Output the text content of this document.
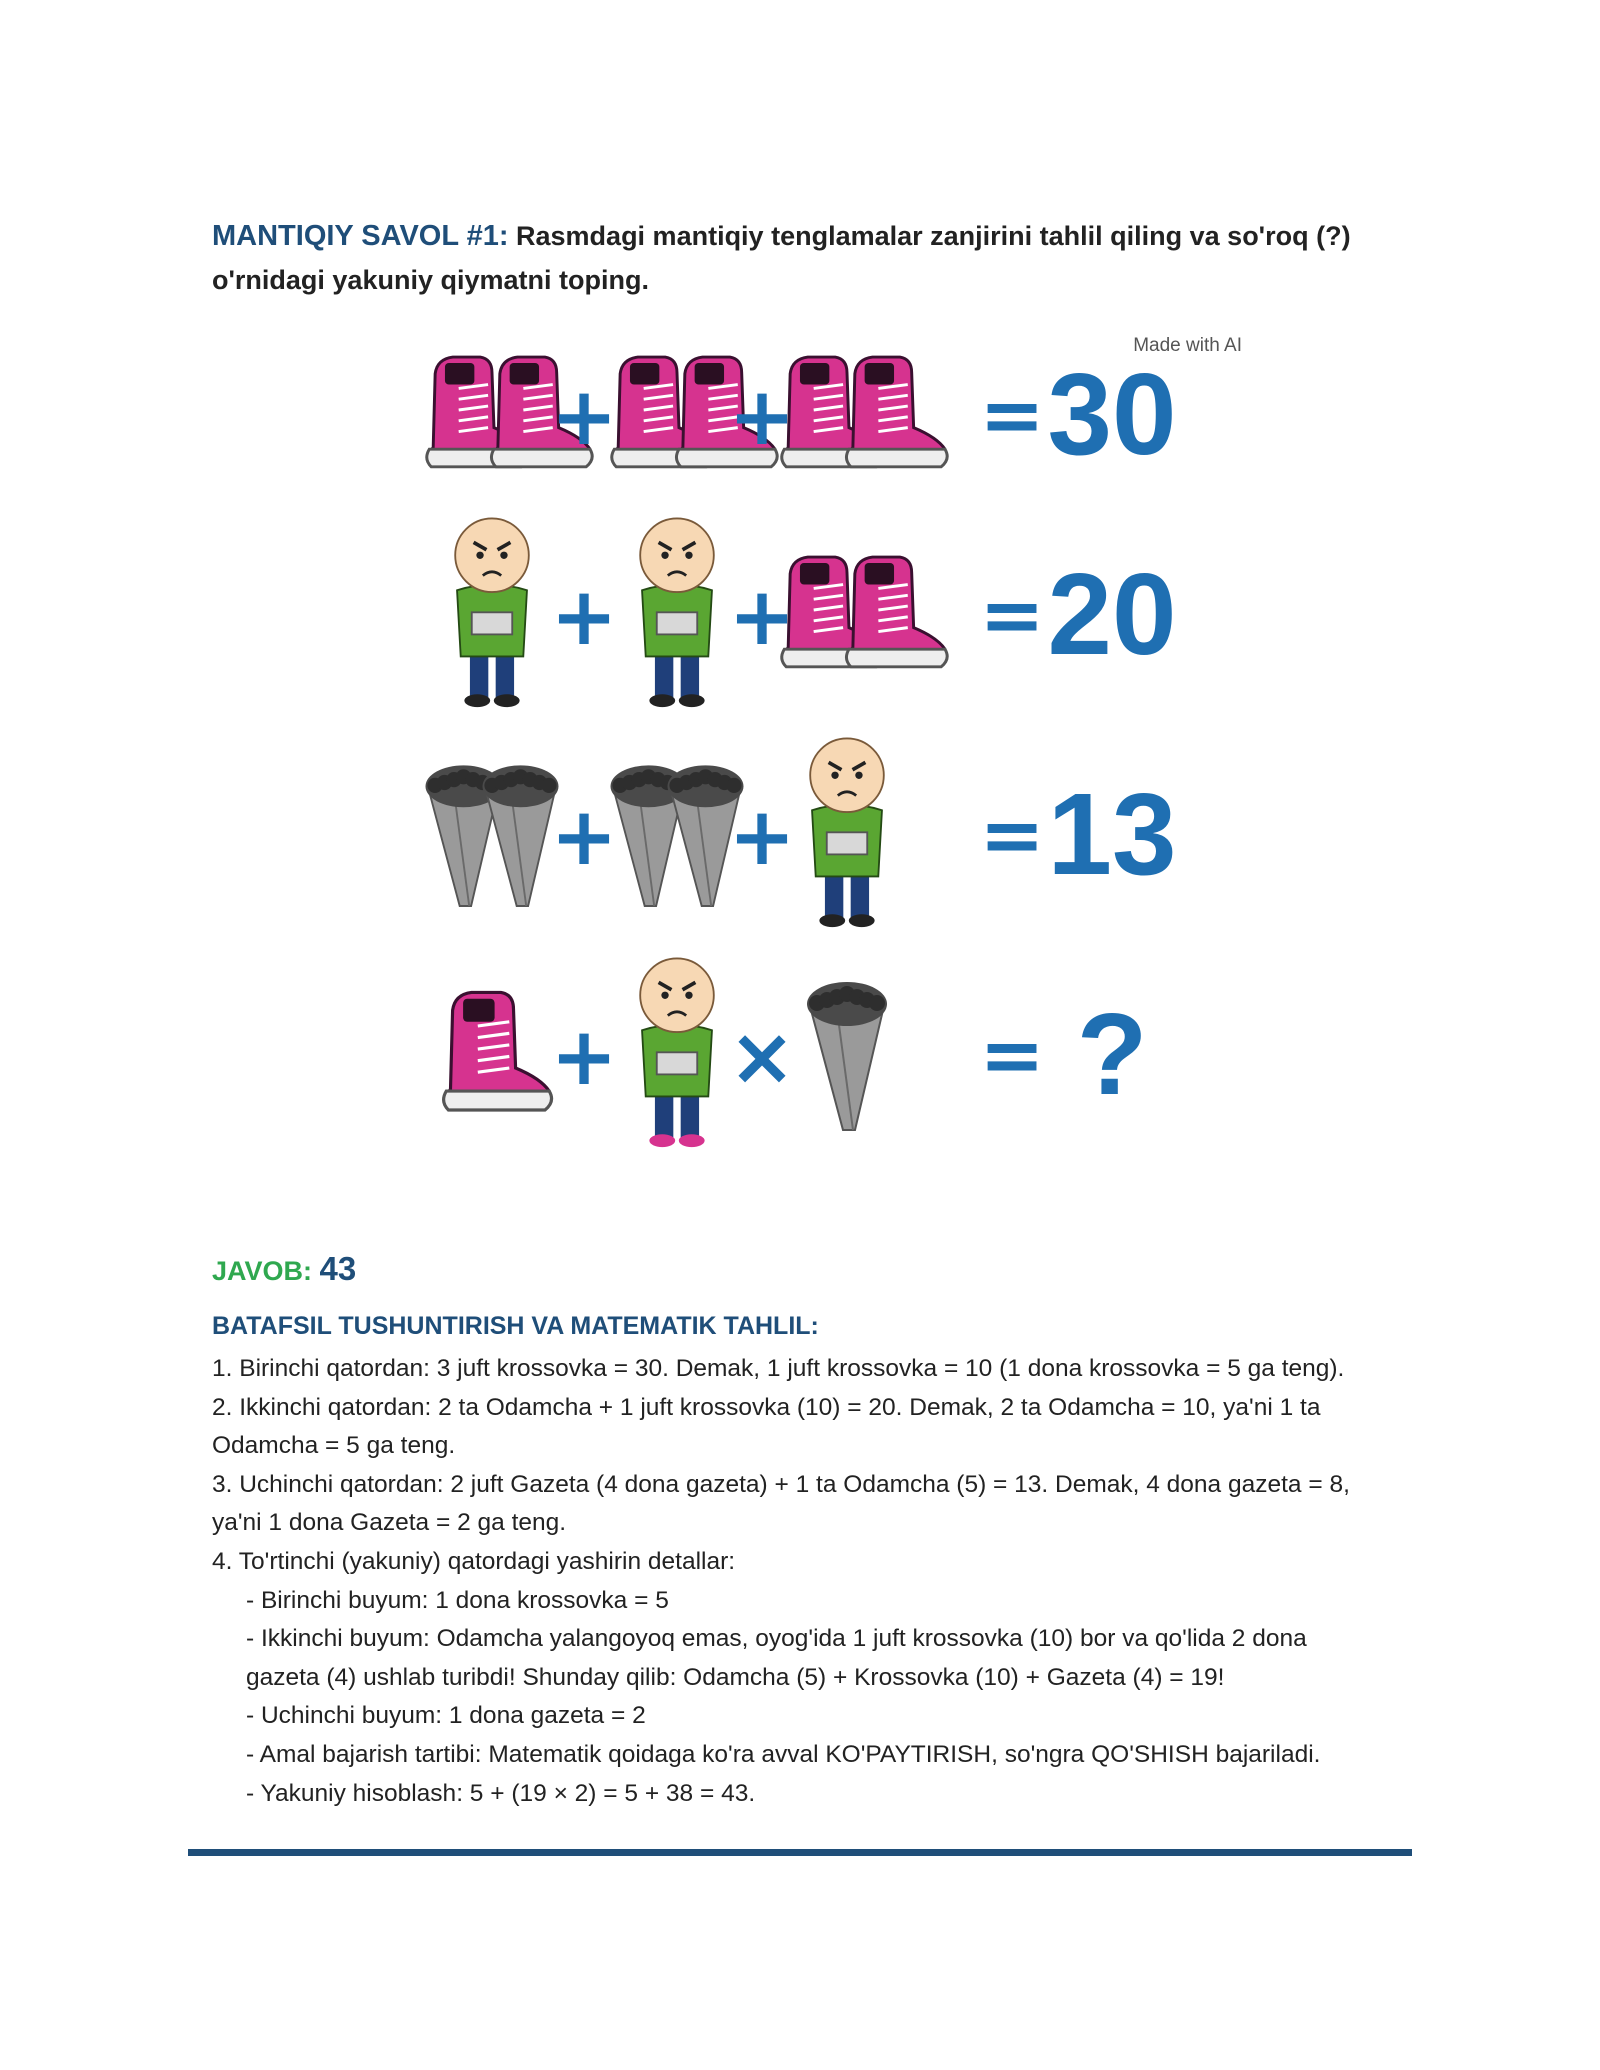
MANTIQIY SAVOL #1: Rasmdagi mantiqiy tenglamalar zanjirini tahlil qiling va so'roq (?) o'rnidagi yakuniy qiymatni toping.
Made with AI
+ + = 30
+ + = 20
+ + = 13
+ × = ?
JAVOB: 43
BATAFSIL TUSHUNTIRISH VA MATEMATIK TAHLIL:

1. Birinchi qatordan: 3 juft krossovka = 30. Demak, 1 juft krossovka = 10 (1 dona krossovka = 5 ga teng).

2. Ikkinchi qatordan: 2 ta Odamcha + 1 juft krossovka (10) = 20. Demak, 2 ta Odamcha = 10, ya'ni 1 ta Odamcha = 5 ga teng.

3. Uchinchi qatordan: 2 juft Gazeta (4 dona gazeta) + 1 ta Odamcha (5) = 13. Demak, 4 dona gazeta = 8, ya'ni 1 dona Gazeta = 2 ga teng.

4. To'rtinchi (yakuniy) qatordagi yashirin detallar:

- Birinchi buyum: 1 dona krossovka = 5

- Ikkinchi buyum: Odamcha yalangoyoq emas, oyog'ida 1 juft krossovka (10) bor va qo'lida 2 dona gazeta (4) ushlab turibdi! Shunday qilib: Odamcha (5) + Krossovka (10) + Gazeta (4) = 19!

- Uchinchi buyum: 1 dona gazeta = 2

- Amal bajarish tartibi: Matematik qoidaga ko'ra avval KO'PAYTIRISH, so'ngra QO'SHISH bajariladi.

- Yakuniy hisoblash: 5 + (19 × 2) = 5 + 38 = 43.
